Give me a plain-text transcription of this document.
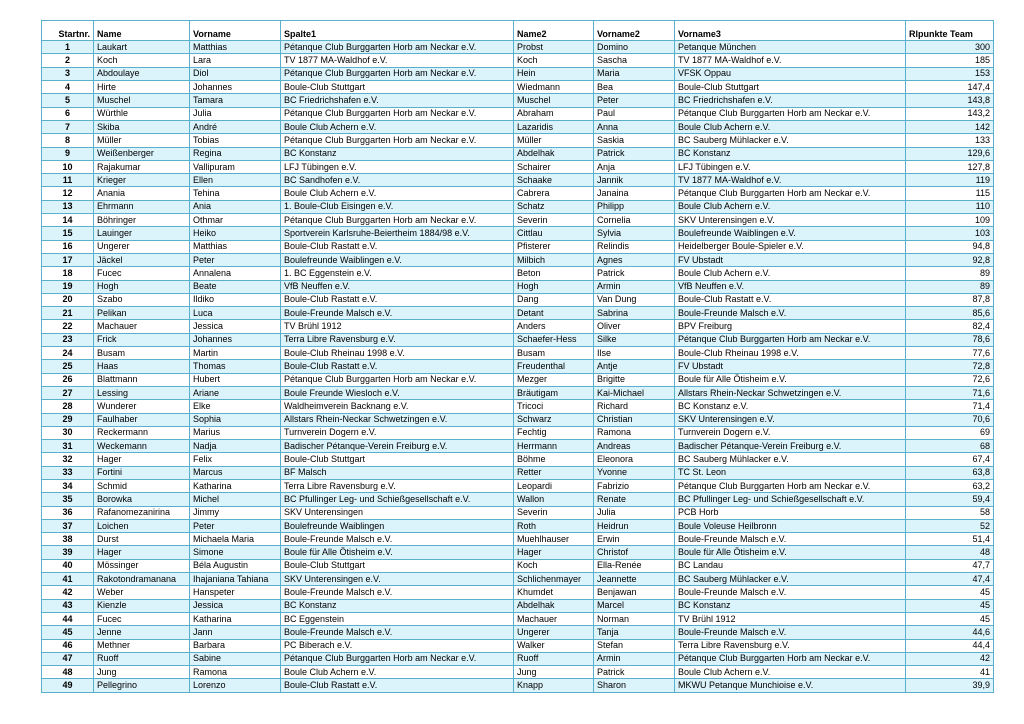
Startnr.	Name	Vorname	Spalte1	Name2	Vorname2	Vorname3	Rlpunkte Team
1	Laukart	Matthias	Pétanque Club Burggarten Horb am Neckar e.V.	Probst	Domino	Petanque München	300
2	Koch	Lara	TV 1877 MA-Waldhof e.V.	Koch	Sascha	TV 1877 MA-Waldhof e.V.	185
3	Abdoulaye	Diol	Pétanque Club Burggarten Horb am Neckar e.V.	Hein	Maria	VFSK Oppau	153
4	Hirte	Johannes	Boule-Club Stuttgart	Wiedmann	Bea	Boule-Club Stuttgart	147,4
5	Muschel	Tamara	BC Friedrichshafen e.V.	Muschel	Peter	BC Friedrichshafen e.V.	143,8
6	Würthle	Julia	Pétanque Club Burggarten Horb am Neckar e.V.	Abraham	Paul	Pétanque Club Burggarten Horb am Neckar e.V.	143,2
7	Skiba	André	Boule Club Achern e.V.	Lazaridis	Anna	Boule Club Achern e.V.	142
8	Müller	Tobias	Pétanque Club Burggarten Horb am Neckar e.V.	Müller	Saskia	BC Sauberg Mühlacker e.V.	133
9	Weißenberger	Regina	BC Konstanz	Abdelhak	Patrick	BC Konstanz	129,6
10	Rajakumar	Vallipuram	LFJ Tübingen e.V.	Schairer	Anja	LFJ Tübingen e.V.	127,8
11	Krieger	Ellen	BC Sandhofen e.V.	Schaake	Jannik	TV 1877 MA-Waldhof e.V.	119
12	Anania	Tehina	Boule Club Achern e.V.	Cabrera	Janaina	Pétanque Club Burggarten Horb am Neckar e.V.	115
13	Ehrmann	Ania	1. Boule-Club Eisingen e.V.	Schatz	Philipp	Boule Club Achern e.V.	110
14	Böhringer	Othmar	Pétanque Club Burggarten Horb am Neckar e.V.	Severin	Cornelia	SKV Unterensingen e.V.	109
15	Lauinger	Heiko	Sportverein Karlsruhe-Beiertheim 1884/98 e.V.	Cittlau	Sylvia	Boulefreunde Waiblingen e.V.	103
16	Ungerer	Matthias	Boule-Club Rastatt e.V.	Pfisterer	Relindis	Heidelberger Boule-Spieler e.V.	94,8
17	Jäckel	Peter	Boulefreunde Waiblingen e.V.	Milbich	Agnes	FV Ubstadt	92,8
18	Fucec	Annalena	1. BC Eggenstein e.V.	Beton	Patrick	Boule Club Achern e.V.	89
19	Hogh	Beate	VfB Neuffen e.V.	Hogh	Armin	VfB Neuffen e.V.	89
20	Szabo	Ildiko	Boule-Club Rastatt e.V.	Dang	Van Dung	Boule-Club Rastatt e.V.	87,8
21	Pelikan	Luca	Boule-Freunde Malsch e.V.	Detant	Sabrina	Boule-Freunde Malsch e.V.	85,6
22	Machauer	Jessica	TV Brühl 1912	Anders	Oliver	BPV Freiburg	82,4
23	Frick	Johannes	Terra Libre Ravensburg e.V.	Schaefer-Hess	Silke	Pétanque Club Burggarten Horb am Neckar e.V.	78,6
24	Busam	Martin	Boule-Club Rheinau 1998 e.V.	Busam	Ilse	Boule-Club Rheinau 1998 e.V.	77,6
25	Haas	Thomas	Boule-Club Rastatt e.V.	Freudenthal	Antje	FV Ubstadt	72,8
26	Blattmann	Hubert	Pétanque Club Burggarten Horb am Neckar e.V.	Mezger	Brigitte	Boule für Alle Ötisheim e.V.	72,6
27	Lessing	Ariane	Boule Freunde Wiesloch e.V.	Bräutigam	Kai-Michael	Allstars Rhein-Neckar Schwetzingen e.V.	71,6
28	Wunderer	Elke	Waldheimverein Backnang e.V.	Tricoci	Richard	BC Konstanz e.V.	71,4
29	Faulhaber	Sophia	Allstars Rhein-Neckar Schwetzingen e.V.	Schwarz	Christian	SKV Unterensingen e.V.	70,6
30	Reckermann	Marius	Turnverein Dogern e.V.	Fechtig	Ramona	Turnverein Dogern e.V.	69
31	Weckemann	Nadja	Badischer Pétanque-Verein Freiburg e.V.	Herrmann	Andreas	Badischer Pétanque-Verein Freiburg e.V.	68
32	Hager	Felix	Boule-Club Stuttgart	Böhme	Eleonora	BC Sauberg Mühlacker e.V.	67,4
33	Fortini	Marcus	BF Malsch	Retter	Yvonne	TC St. Leon	63,8
34	Schmid	Katharina	Terra Libre Ravensburg e.V.	Leopardi	Fabrizio	Pétanque Club Burggarten Horb am Neckar e.V.	63,2
35	Borowka	Michel	BC Pfullinger Leg- und Schießgesellschaft e.V.	Wallon	Renate	BC Pfullinger Leg- und Schießgesellschaft e.V.	59,4
36	Rafanomezanirina	Jimmy	SKV Unterensingen	Severin	Julia	PCB Horb	58
37	Loichen	Peter	Boulefreunde Waiblingen	Roth	Heidrun	Boule Voleuse Heilbronn	52
38	Durst	Michaela Maria	Boule-Freunde Malsch e.V.	Muehlhauser	Erwin	Boule-Freunde Malsch e.V.	51,4
39	Hager	Simone	Boule für Alle Ötisheim e.V.	Hager	Christof	Boule für Alle Ötisheim e.V.	48
40	Mössinger	Béla Augustin	Boule-Club Stuttgart	Koch	Ella-Renée	BC Landau	47,7
41	Rakotondramanana	Ihajaniana Tahiana	SKV Unterensingen e.V.	Schlichenmayer	Jeannette	BC Sauberg Mühlacker e.V.	47,4
42	Weber	Hanspeter	Boule-Freunde Malsch e.V.	Khumdet	Benjawan	Boule-Freunde Malsch e.V.	45
43	Kienzle	Jessica	BC Konstanz	Abdelhak	Marcel	BC Konstanz	45
44	Fucec	Katharina	BC Eggenstein	Machauer	Norman	TV Brühl 1912	45
45	Jenne	Jann	Boule-Freunde Malsch e.V.	Ungerer	Tanja	Boule-Freunde Malsch e.V.	44,6
46	Methner	Barbara	PC Biberach e.V.	Walker	Stefan	Terra Libre Ravensburg e.V.	44,4
47	Ruoff	Sabine	Pétanque Club Burggarten Horb am Neckar e.V.	Ruoff	Armin	Pétanque Club Burggarten Horb am Neckar e.V.	42
48	Jung	Ramona	Boule Club Achern e.V.	Jung	Patrick	Boule Club Achern e.V.	41
49	Pellegrino	Lorenzo	Boule-Club Rastatt e.V.	Knapp	Sharon	MKWU Petanque Munchioise e.V.	39,9
